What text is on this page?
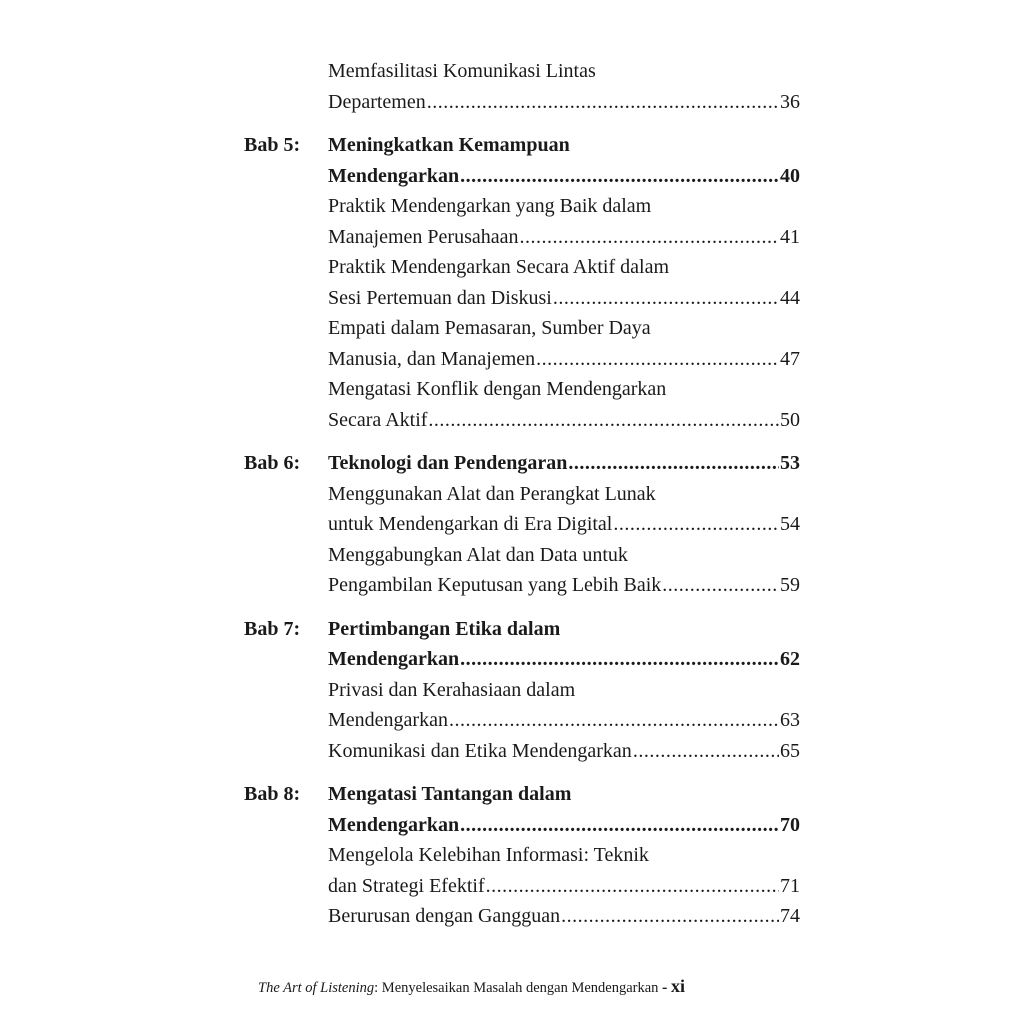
Memfasilitasi Komunikasi Lintas
Departemen .....	36
Bab 5: Meningkatkan Kemampuan
Mendengarkan .....	40
Praktik Mendengarkan yang Baik dalam
Manajemen Perusahaan .....	41
Praktik Mendengarkan Secara Aktif dalam
Sesi Pertemuan dan Diskusi .....	44
Empati dalam Pemasaran, Sumber Daya
Manusia, dan Manajemen .....	47
Mengatasi Konflik dengan Mendengarkan
Secara Aktif .....	50
Bab 6: Teknologi dan Pendengaran .....	53
Menggunakan Alat dan Perangkat Lunak
untuk Mendengarkan di Era Digital .....	54
Menggabungkan Alat dan Data untuk
Pengambilan Keputusan yang Lebih Baik .....	59
Bab 7: Pertimbangan Etika dalam
Mendengarkan .....	62
Privasi dan Kerahasiaan dalam
Mendengarkan .....	63
Komunikasi dan Etika Mendengarkan .....	65
Bab 8: Mengatasi Tantangan dalam
Mendengarkan .....	70
Mengelola Kelebihan Informasi: Teknik
dan Strategi Efektif .....	71
Berurusan dengan Gangguan .....	74
The Art of Listening: Menyelesaikan Masalah dengan Mendengarkan - xi
